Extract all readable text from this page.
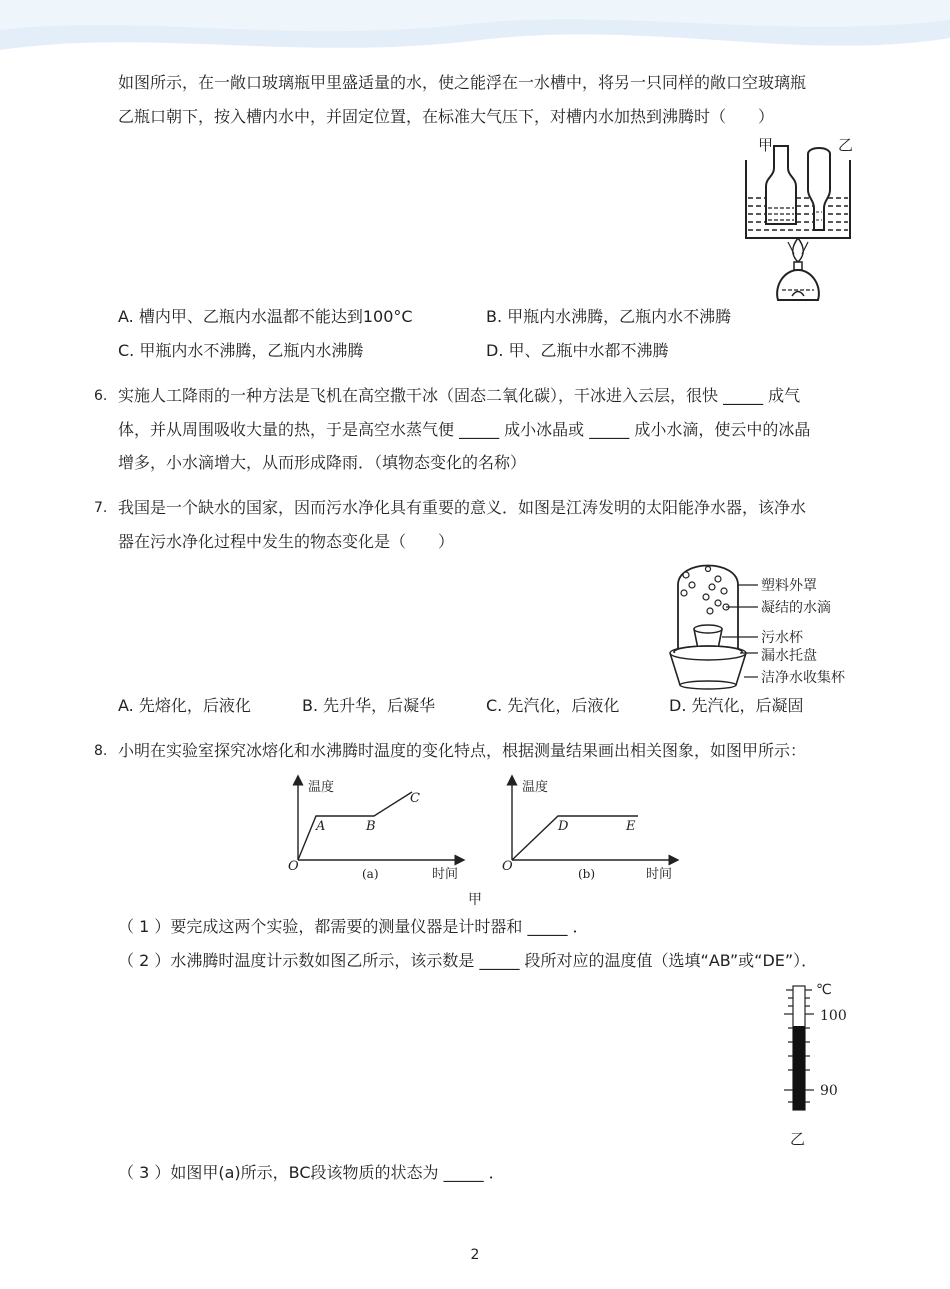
如图所示，在一敞口玻璃瓶甲里盛适量的水，使之能浮在一水槽中，将另一只同样的敞口空玻璃瓶
乙瓶口朝下，按入槽内水中，并固定位置，在标准大气压下，对槽内水加热到沸腾时（　　）
甲	乙
A. 槽内甲、乙瓶内水温都不能达到100°C	B. 甲瓶内水沸腾，乙瓶内水不沸腾
C. 甲瓶内水不沸腾，乙瓶内水沸腾	D. 甲、乙瓶中水都不沸腾
6. 实施人工降雨的一种方法是飞机在高空撒干冰（固态二氧化碳），干冰进入云层，很快 _____ 成气
体，并从周围吸收大量的热，于是高空水蒸气便 _____ 成小冰晶或 _____ 成小水滴，使云中的冰晶
增多，小水滴增大，从而形成降雨．（填物态变化的名称）
7. 我国是一个缺水的国家，因而污水净化具有重要的意义．如图是江涛发明的太阳能净水器，该净水
器在污水净化过程中发生的物态变化是（　　）
塑料外罩
凝结的水滴
污水杯
漏水托盘
洁净水收集杯
A. 先熔化，后液化	B. 先升华，后凝华	C. 先汽化，后液化	D. 先汽化，后凝固
8. 小明在实验室探究冰熔化和水沸腾时温度的变化特点，根据测量结果画出相关图象，如图甲所示：
温度
时间
O
A	B
C
(a)
温度
时间
O
D	E
(b)
甲
（ 1 ）要完成这两个实验，都需要的测量仪器是计时器和 _____ ．
（ 2 ）水沸腾时温度计示数如图乙所示，该示数是 _____ 段所对应的温度值（选填“AB”或“DE”）．
℃
100
90
乙
（ 3 ）如图甲(a)所示，BC段该物质的状态为 _____ ．
2
